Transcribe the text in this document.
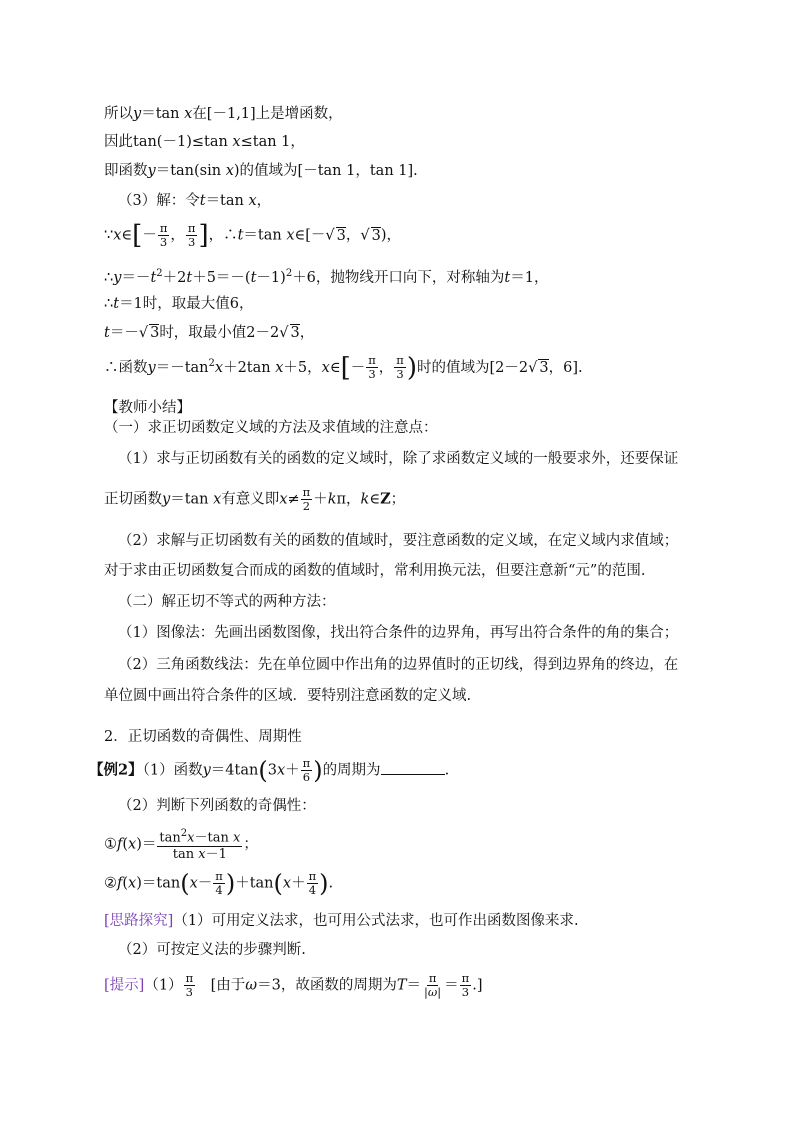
所以y＝tan x在[－1,1]上是增函数，
因此tan(－1)≤tan x≤tan 1，
即函数y＝tan(sin x)的值域为[－tan 1，tan 1].
（3）解：令t＝tan x，
∵x∈[－ $\frac{\pi}{3}$ ， $\frac{\pi}{3}$ ]，∴t＝tan x∈[－√ 3，√ 3)，
$\therefore y=-t^2+2t+5=-(t-1)^2+6$，抛物线开口向下，对称轴为t＝1，
∴t＝1时，取最大值6，
t＝－√ 3时，取最小值2－2√ 3，
∴函数$y=-\tan^2x+2\tan$ x＋5，x∈[－ $\frac{\pi}{3}$ ， $\frac{\pi}{3}$ )时的值域为[2－2√ 3，6].
【教师小结】
（一）求正切函数定义域的方法及求值域的注意点：
（1）求与正切函数有关的函数的定义域时，除了求函数定义域的一般要求外，还要保证
正切函数y＝tan x有意义即$x\ne \frac{\pi}{2} +k\pi$，k∈Z；
（2）求解与正切函数有关的函数的值域时，要注意函数的定义域，在定义域内求值域；
对于求由正切函数复合而成的函数的值域时，常利用换元法，但要注意新“元”的范围.
（二）解正切不等式的两种方法：
（1）图像法：先画出函数图像，找出符合条件的边界角，再写出符合条件的角的集合；
（2）三角函数线法：先在单位圆中作出角的边界值时的正切线，得到边界角的终边，在
单位圆中画出符合条件的区域．要特别注意函数的定义域.
2．正切函数的奇偶性、周期性
【例2】（1）函数$y=4\tan(3x+ \frac{\pi}{6}$ )的周期为	.
（2）判断下列函数的奇偶性：
①f(x)＝ $\frac{\tan^2x-\tan x}{\text{tan x－1}}$ ；
②f(x)＝tan(x－ $\frac{\pi}{4} )+\tan(x+ \frac{\pi}{4}$ ).
[思路探究]（1）可用定义法求，也可用公式法求，也可作出函数图像来求.
（2）可按定义法的步骤判断.
[提示]$(1) \frac{\pi}{3}$ 　[由于ω＝3，故函数的周期为$T= \frac{\pi}{|\omega|} = \frac{\pi}{3}$ .]
